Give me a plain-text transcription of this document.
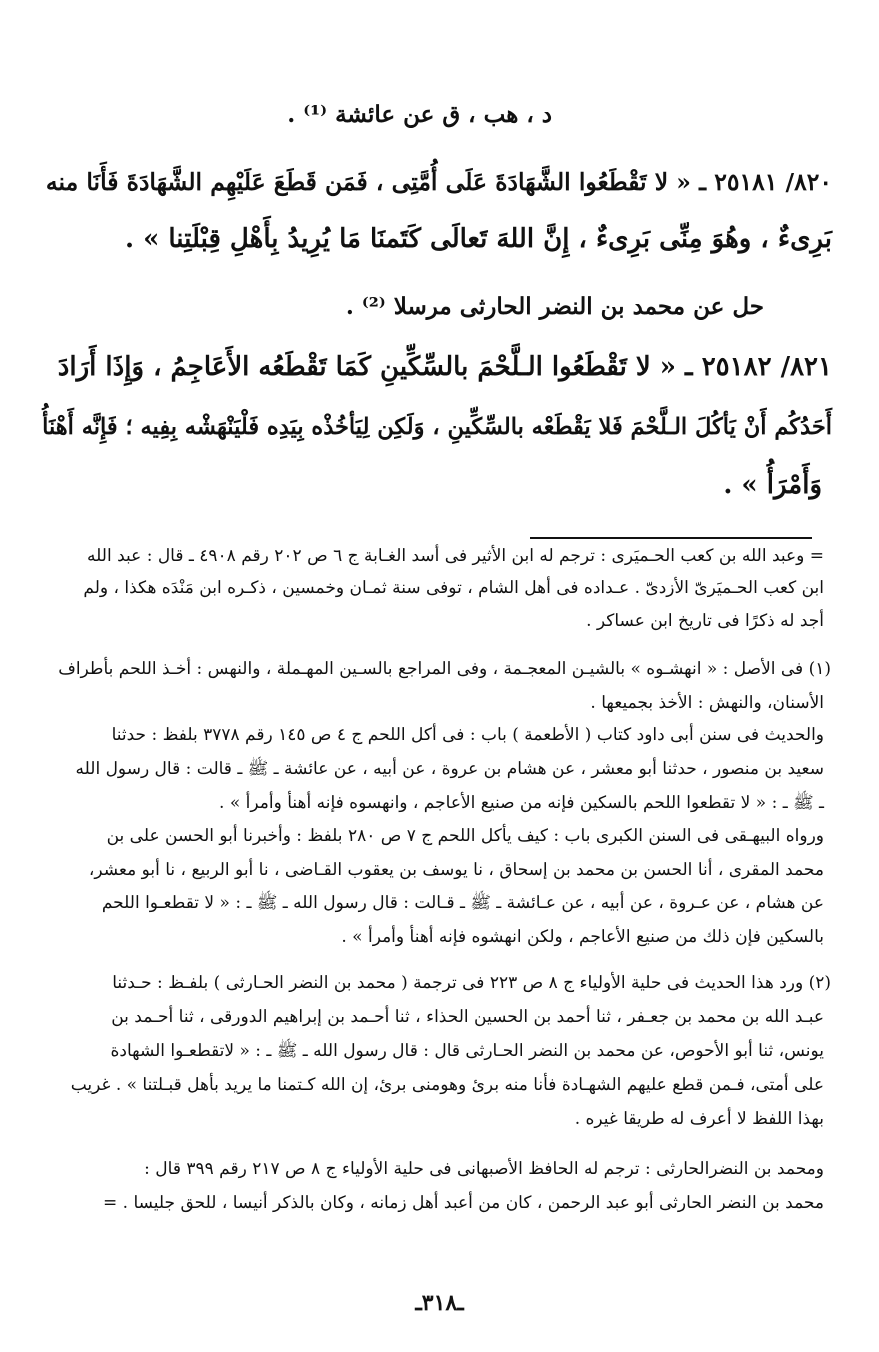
د ، هب ، ق عن عائشة ⁽¹⁾ .

٨٢٠/ ٢٥١٨١ ـ « لا تَقْطَعُوا الشَّهَادَةَ عَلَى أُمَّتِى ، فَمَن قَطَعَ عَلَيْهِم الشَّهَادَةَ فَأَنَا منه

بَرِىءٌ ، وهُوَ مِنِّى بَرِىءٌ ، إِنَّ اللهَ تَعالَى كَتَمنَا مَا يُرِيدُ بِأَهْلِ قِبْلَتِنا » .

حل عن محمد بن النضر الحارثى مرسلا ⁽²⁾ .

٨٢١/ ٢٥١٨٢ ـ « لا تَقْطَعُوا الـلَّحْمَ بالسِّكِّينِ كَمَا تَقْطَعُه الأَعَاجِمُ ، وَإِذَا أَرَادَ

أَحَدُكُم أَنْ يَأكُلَ الـلَّحْمَ فَلا يَقْطَعْه بالسِّكِّينِ ، وَلَكِن لِيَأخُذْه بِيَدِه فَلْيَنْهَشْه بِفِيه ؛ فَإِنَّه أَهْنَأُ

وَأَمْرَأُ » .

= وعبد الله بن كعب الحـميَرى : ترجم له ابن الأثير فى أسد الغـابة ج ٦ ص ٢٠٢ رقم ٤٩٠٨ ـ قال : عبد الله

ابن كعب الحـميَرىّ الأزدىّ . عـداده فى أهل الشام ، توفى سنة ثمـان وخمسين ، ذكـره ابن مَنْدَه هكذا ، ولم

أجد له ذكرًا فى تاريخ ابن عساكر .

(١) فى الأصل : « انهشـوه » بالشيـن المعجـمة ، وفى المراجع بالسـين المهـملة ، والنهس : أخـذ اللحم بأطراف

الأسنان، والنهش : الأخذ بجميعها .

والحديث فى سنن أبى داود كتاب ( الأطعمة ) باب : فى أكل اللحم ج ٤ ص ١٤٥ رقم ٣٧٧٨ بلفظ : حدثنا

سعيد بن منصور ، حدثنا أبو معشر ، عن هشام بن عروة ، عن أبيه ، عن عائشة ـ ﷺ ـ قالت : قال رسول الله

ـ ﷺ ـ : « لا تقطعوا اللحم بالسكين فإنه من صنيع الأعاجم ، وانهسوه فإنه أهنأ وأمرأ » .

ورواه البيهـقى فى السنن الكبرى باب : كيف يأكل اللحم ج ٧ ص ٢٨٠ بلفظ : وأخبرنا أبو الحسن على بن

محمد المقرى ، أنا الحسن بن محمد بن إسحاق ، نا يوسف بن يعقوب القـاضى ، نا أبو الربيع ، نا أبو معشر،

عن هشام ، عن عـروة ، عن أبيه ، عن عـائشة ـ ﷺ ـ قـالت : قال رسول الله ـ ﷺ ـ : « لا تقطعـوا اللحم

بالسكين فإن ذلك من صنيع الأعاجم ، ولكن انهشوه فإنه أهنأ وأمرأ » .

(٢) ورد هذا الحديث فى حلية الأولياء ج ٨ ص ٢٢٣ فى ترجمة ( محمد بن النضر الحـارثى ) بلفـظ : حـدثنا

عبـد الله بن محمد بن جعـفر ، ثنا أحمد بن الحسين الحذاء ، ثنا أحـمد بن إبراهيم الدورقى ، ثنا أحـمد بن

يونس، ثنا أبو الأحوص، عن محمد بن النضر الحـارثى قال : قال رسول الله ـ ﷺ ـ : « لاتقطعـوا الشهادة

على أمتى، فـمن قطع عليهم الشهـادة فأنا منه برئ وهومنى برئ، إن الله كـتمنا ما يريد بأهل قبـلتنا » . غريب

بهذا اللفظ لا أعرف له طريقا غيره .

ومحمد بن النضرالحارثى : ترجم له الحافظ الأصبهانى فى حلية الأولياء ج ٨ ص ٢١٧ رقم ٣٩٩ قال :

محمد بن النضر الحارثى أبو عبد الرحمن ، كان من أعبد أهل زمانه ، وكان بالذكر أنيسا ، للحق جليسا . =

ـ٣١٨ـ
